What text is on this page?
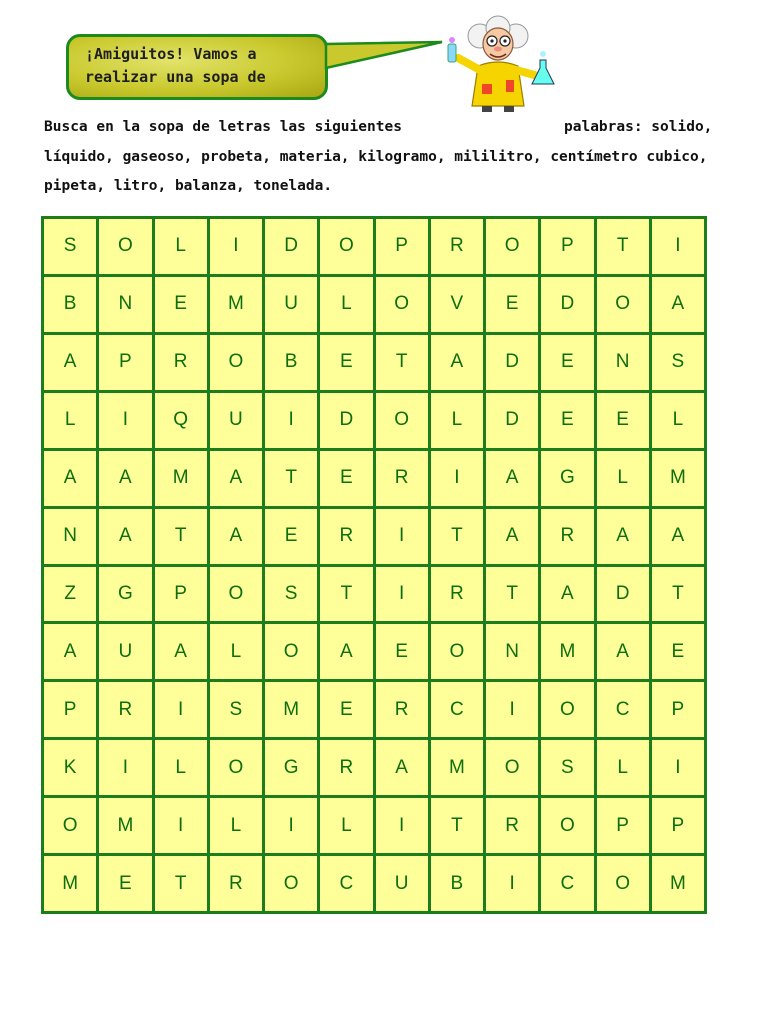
¡Amiguitos! Vamos a
realizar una sopa de
Busca en la sopa de letras las siguientes	palabras: solido,
líquido, gaseoso, probeta, materia, kilogramo, mililitro, centímetro cubico,
pipeta, litro, balanza, tonelada.
S	O	L	I	D	O	P	R	O	P	T	I
B	N	E	M	U	L	O	V	E	D	O	A
A	P	R	O	B	E	T	A	D	E	N	S
L	I	Q	U	I	D	O	L	D	E	E	L
A	A	M	A	T	E	R	I	A	G	L	M
N	A	T	A	E	R	I	T	A	R	A	A
Z	G	P	O	S	T	I	R	T	A	D	T
A	U	A	L	O	A	E	O	N	M	A	E
P	R	I	S	M	E	R	C	I	O	C	P
K	I	L	O	G	R	A	M	O	S	L	I
O	M	I	L	I	L	I	T	R	O	P	P
M	E	T	R	O	C	U	B	I	C	O	M
